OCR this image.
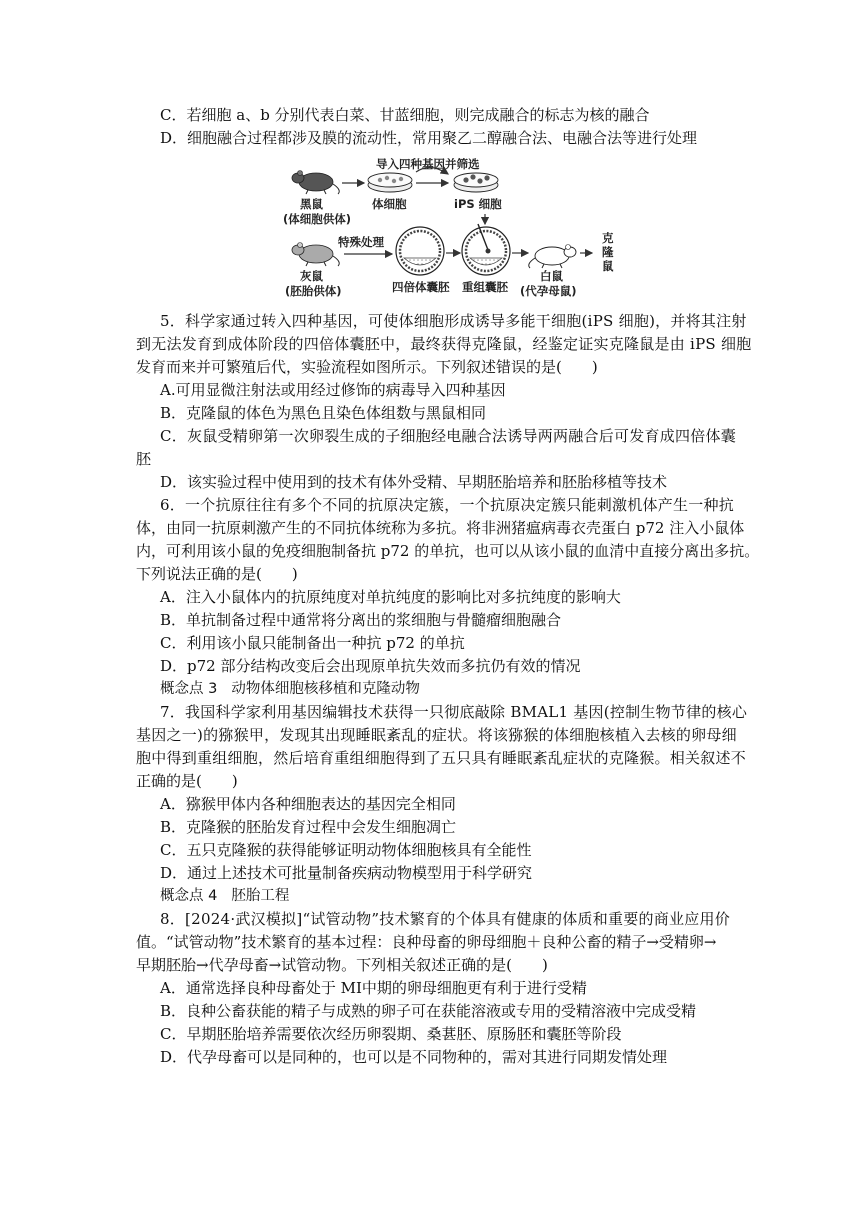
C．若细胞 a、b 分别代表白菜、甘蓝细胞，则完成融合的标志为核的融合
D．细胞融合过程都涉及膜的流动性，常用聚乙二醇融合法、电融合法等进行处理
导入四种基因并筛选
黑鼠
(体细胞供体)
体细胞	iPS 细胞
灰鼠
(胚胎供体)
特殊处理
四倍体囊胚 重组囊胚
白鼠
(代孕母鼠)
克隆鼠
5．科学家通过转入四种基因，可使体细胞形成诱导多能干细胞(iPS 细胞)，并将其注射
到无法发育到成体阶段的四倍体囊胚中，最终获得克隆鼠，经鉴定证实克隆鼠是由 iPS 细胞
发育而来并可繁殖后代，实验流程如图所示。下列叙述错误的是(　　)
A.可用显微注射法或用经过修饰的病毒导入四种基因
B．克隆鼠的体色为黑色且染色体组数与黑鼠相同
C．灰鼠受精卵第一次卵裂生成的子细胞经电融合法诱导两两融合后可发育成四倍体囊
胚
D．该实验过程中使用到的技术有体外受精、早期胚胎培养和胚胎移植等技术
6．一个抗原往往有多个不同的抗原决定簇，一个抗原决定簇只能刺激机体产生一种抗
体，由同一抗原刺激产生的不同抗体统称为多抗。将非洲猪瘟病毒衣壳蛋白 p72 注入小鼠体
内，可利用该小鼠的免疫细胞制备抗 p72 的单抗，也可以从该小鼠的血清中直接分离出多抗。
下列说法正确的是(　　)
A．注入小鼠体内的抗原纯度对单抗纯度的影响比对多抗纯度的影响大
B．单抗制备过程中通常将分离出的浆细胞与骨髓瘤细胞融合
C．利用该小鼠只能制备出一种抗 p72 的单抗
D．p72 部分结构改变后会出现原单抗失效而多抗仍有效的情况
概念点 3 动物体细胞核移植和克隆动物
7．我国科学家利用基因编辑技术获得一只彻底敲除 BMAL1 基因(控制生物节律的核心
基因之一)的猕猴甲，发现其出现睡眠紊乱的症状。将该猕猴的体细胞核植入去核的卵母细
胞中得到重组细胞，然后培育重组细胞得到了五只具有睡眠紊乱症状的克隆猴。相关叙述不
正确的是(　　)
A．猕猴甲体内各种细胞表达的基因完全相同
B．克隆猴的胚胎发育过程中会发生细胞凋亡
C．五只克隆猴的获得能够证明动物体细胞核具有全能性
D．通过上述技术可批量制备疾病动物模型用于科学研究
概念点 4 胚胎工程
8．[2024·武汉模拟]“试管动物”技术繁育的个体具有健康的体质和重要的商业应用价
值。“试管动物”技术繁育的基本过程：良种母畜的卵母细胞＋良种公畜的精子→受精卵→
早期胚胎→代孕母畜→试管动物。下列相关叙述正确的是(　　)
A．通常选择良种母畜处于 MⅠ中期的卵母细胞更有利于进行受精
B．良种公畜获能的精子与成熟的卵子可在获能溶液或专用的受精溶液中完成受精
C．早期胚胎培养需要依次经历卵裂期、桑葚胚、原肠胚和囊胚等阶段
D．代孕母畜可以是同种的，也可以是不同物种的，需对其进行同期发情处理
